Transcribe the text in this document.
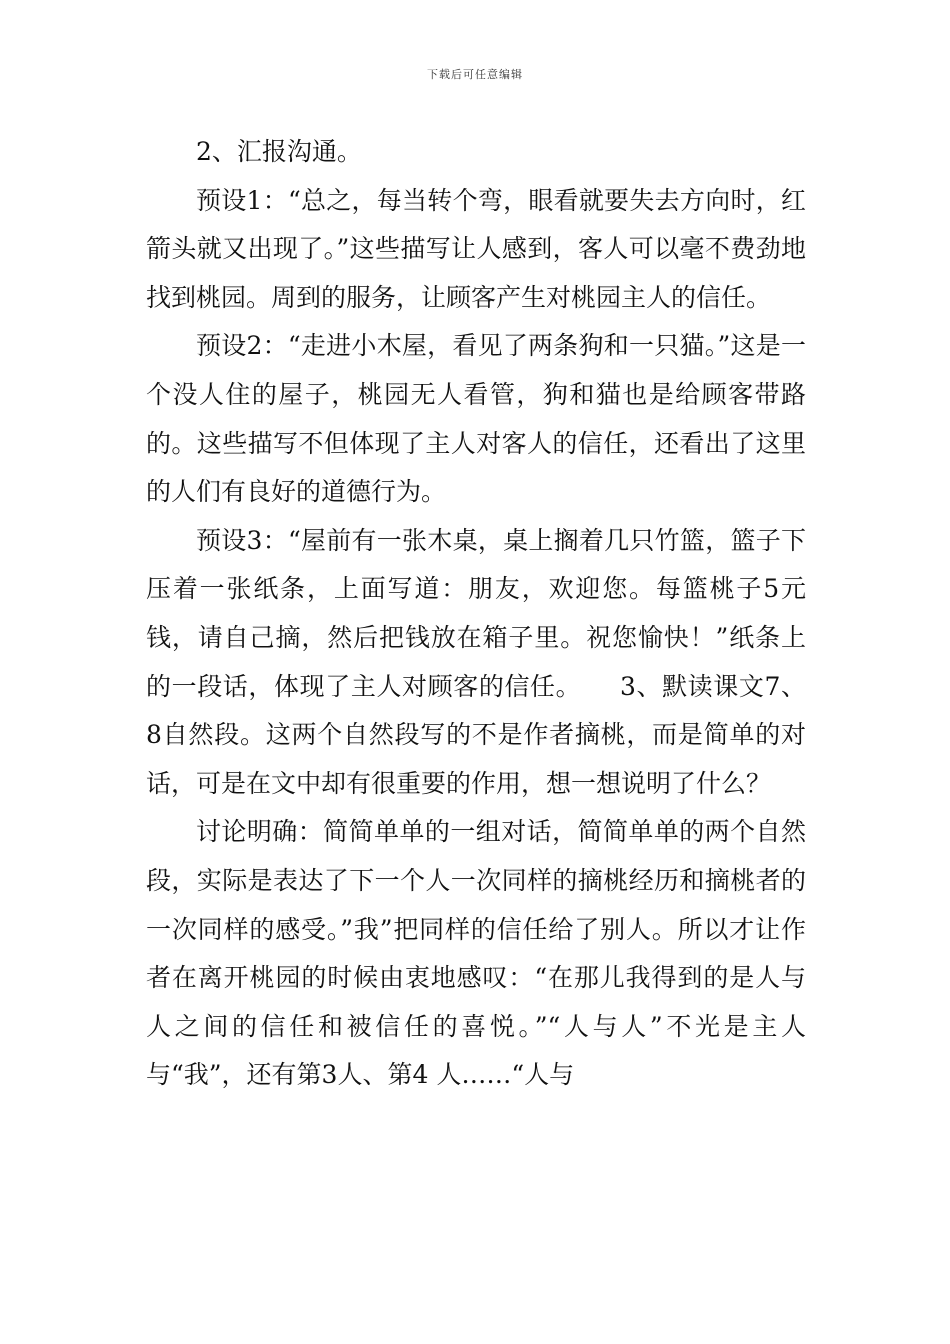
下载后可任意编辑

2、汇报沟通。

预设1：“总之，每当转个弯，眼看就要失去方向时，红箭头就又出现了。”这些描写让人感到，客人可以毫不费劲地找到桃园。周到的服务，让顾客产生对桃园主人的信任。

预设2：“走进小木屋，看见了两条狗和一只猫。”这是一个没人住的屋子，桃园无人看管，狗和猫也是给顾客带路的。这些描写不但体现了主人对客人的信任，还看出了这里的人们有良好的道德行为。

预设3：“屋前有一张木桌，桌上搁着几只竹篮，篮子下压着一张纸条，上面写道：朋友，欢迎您。每篮桃子5元钱，请自己摘，然后把钱放在箱子里。祝您愉快！”纸条上的一段话，体现了主人对顾客的信任。　　3、默读课文7、8自然段。这两个自然段写的不是作者摘桃，而是简单的对话，可是在文中却有很重要的作用，想一想说明了什么？

讨论明确：简简单单的一组对话，简简单单的两个自然段，实际是表达了下一个人一次同样的摘桃经历和摘桃者的一次同样的感受。”我”把同样的信任给了别人。所以才让作者在离开桃园的时候由衷地感叹：“在那儿我得到的是人与人之间的信任和被信任的喜悦。”“人与人”不光是主人与“我”，还有第3人、第4 人……“人与
